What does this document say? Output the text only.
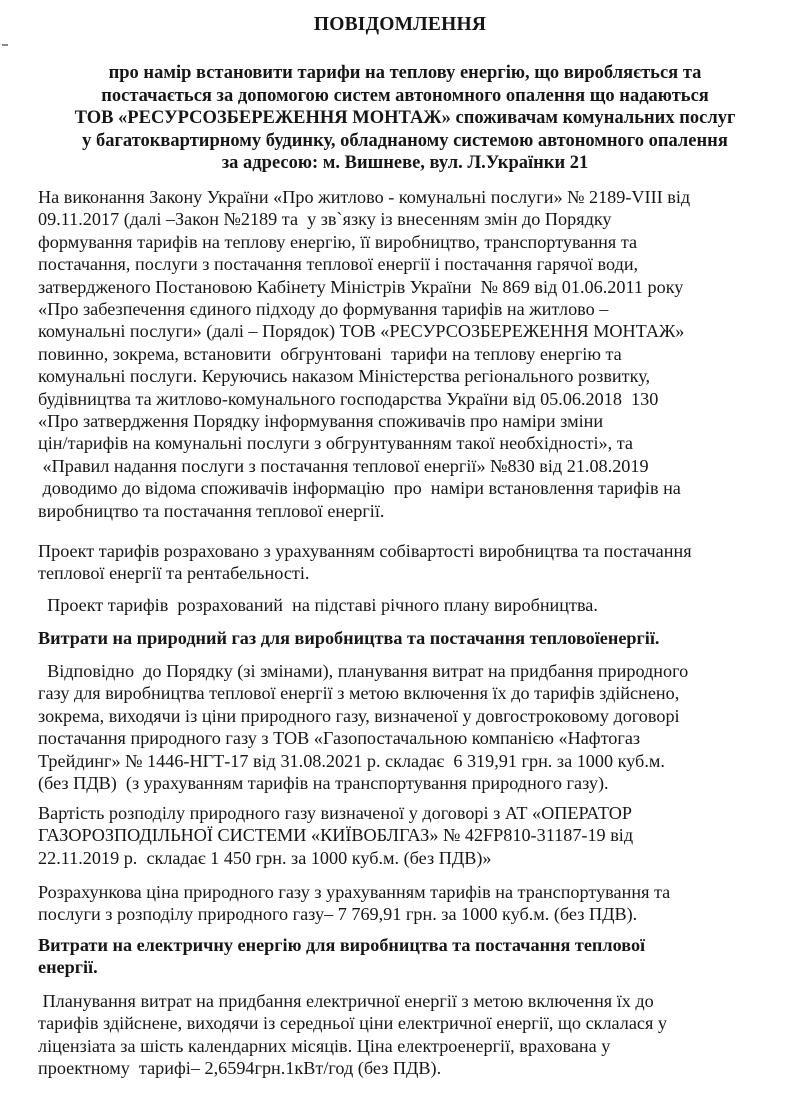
ПОВІДОМЛЕННЯ
про намір встановити тарифи на теплову енергію, що виробляється та
постачається за допомогою систем автономного опалення що надаються
ТОВ «РЕСУРСОЗБЕРЕЖЕННЯ МОНТАЖ» споживачам комунальних послуг
у багатоквартирному будинку, обладнаному системою автономного опалення
за адресою: м. Вишневе, вул. Л.Українки 21
На виконання Закону України «Про житлово - комунальні послуги» № 2189-VIII від
09.11.2017 (далі –Закон №2189 та  у зв`язку із внесенням змін до Порядку
формування тарифів на теплову енергію, її виробництво, транспортування та
постачання, послуги з постачання теплової енергії і постачання гарячої води,
затвердженого Постановою Кабінету Міністрів України  № 869 від 01.06.2011 року
«Про забезпечення єдиного підходу до формування тарифів на житлово –
комунальні послуги» (далі – Порядок) ТОВ «РЕСУРСОЗБЕРЕЖЕННЯ МОНТАЖ»
повинно, зокрема, встановити  обгрунтовані  тарифи на теплову енергію та
комунальні послуги. Керуючись наказом Міністерства регіонального розвитку,
будівництва та житлово-комунального господарства України від 05.06.2018  130
«Про затвердження Порядку інформування споживачів про наміри зміни
цін/тарифів на комунальні послуги з обгрунтуванням такої необхідності», та
«Правил надання послуги з постачання теплової енергії» №830 від 21.08.2019
доводимо до відома споживачів інформацію  про  наміри встановлення тарифів на
виробництво та постачання теплової енергії.
Проект тарифів розраховано з урахуванням собівартості виробництва та постачання
теплової енергії та рентабельності.
Проект тарифів  розрахований  на підставі річного плану виробництва.
Витрати на природний газ для виробництва та постачання тепловоїенергії.
Відповідно  до Порядку (зі змінами), планування витрат на придбання природного
газу для виробництва теплової енергії з метою включення їх до тарифів здійснено,
зокрема, виходячи із ціни природного газу, визначеної у довгостроковому договорі
постачання природного газу з ТОВ «Газопостачальною компанією «Нафтогаз
Трейдинг» № 1446-НГТ-17 від 31.08.2021 р. складає  6 319,91 грн. за 1000 куб.м.
(без ПДВ)  (з урахуванням тарифів на транспортування природного газу).
Вартість розподілу природного газу визначеної у договорі з АТ «ОПЕРАТОР
ГАЗОРОЗПОДІЛЬНОЇ СИСТЕМИ «КИЇВОБЛГАЗ» № 42FP810-31187-19 від
22.11.2019 р.  складає 1 450 грн. за 1000 куб.м. (без ПДВ)»
Розрахункова ціна природного газу з урахуванням тарифів на транспортування та
послуги з розподілу природного газу– 7 769,91 грн. за 1000 куб.м. (без ПДВ).
Витрати на електричну енергію для виробництва та постачання теплової
енергії.
Планування витрат на придбання електричної енергії з метою включення їх до
тарифів здійснене, виходячи із середньої ціни електричної енергії, що склалася у
ліцензіата за шість календарних місяців. Ціна електроенергії, врахована у
проектному  тарифі– 2,6594грн.1кВт/год (без ПДВ).
